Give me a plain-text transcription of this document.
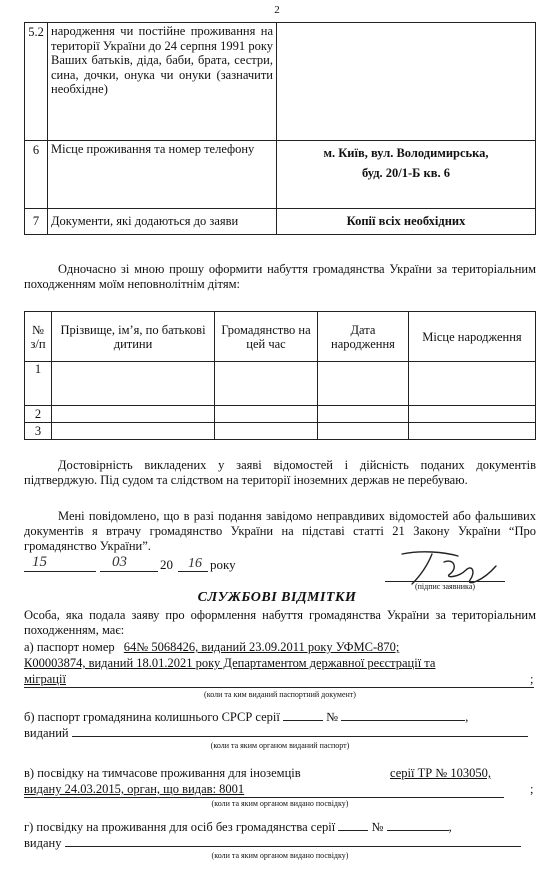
2
5.2	народження чи постійне проживання на території України до 24 серпня 1991 року Ваших батьків, діда, баби, брата, сестри, сина, дочки, онука чи онуки (зазначити необхідне)	
6	Місце проживання та номер телефону	м. Київ, вул. Володимирська,
буд. 20/1-Б кв. 6

7	Документи, які додаються до заяви	Копії всіх необхідних
Одночасно зі мною прошу оформити набуття громадянства України за територіальним походженням моїм неповнолітнім дітям:
№ з/п	Прізвище, ім’я, по батькові дитини	Громадянство на цей час	Дата народження	Місце народження
1				
2				
3				
Достовірність викладених у заяві відомостей і дійсність поданих документів підтверджую. Під судом та слідством на території іноземних держав не перебуваю.
Мені повідомлено, що в разі подання завідомо неправдивих відомостей або фальшивих документів я втрачу громадянство України на підставі статті 21 Закону України “Про громадянство України”.
15	03	20 16 року
(підпис заявника)
СЛУЖБОВІ ВІДМІТКИ
Особа, яка подала заяву про оформлення набуття громадянства України за територіальним походженням, має:
а) паспорт номер 64№ 5068426, виданий 23.09.2011 року УФМС-870;
К00003874, виданий 18.01.2021 року Департаментом державної реєстрації та
міграції	;
(коли та ким виданий паспортний документ)
б) паспорт громадянина колишнього СРСР серії	№	,
виданий
(коли та яким органом виданий паспорт)
в) посвідку на тимчасове проживання для іноземців	серії ТР № 103050,
видану 24.03.2015, орган, що видав: 8001	;
(коли та яким органом видано посвідку)
г) посвідку на проживання для осіб без громадянства серії	№	,
видану
(коли та яким органом видано посвідку)
